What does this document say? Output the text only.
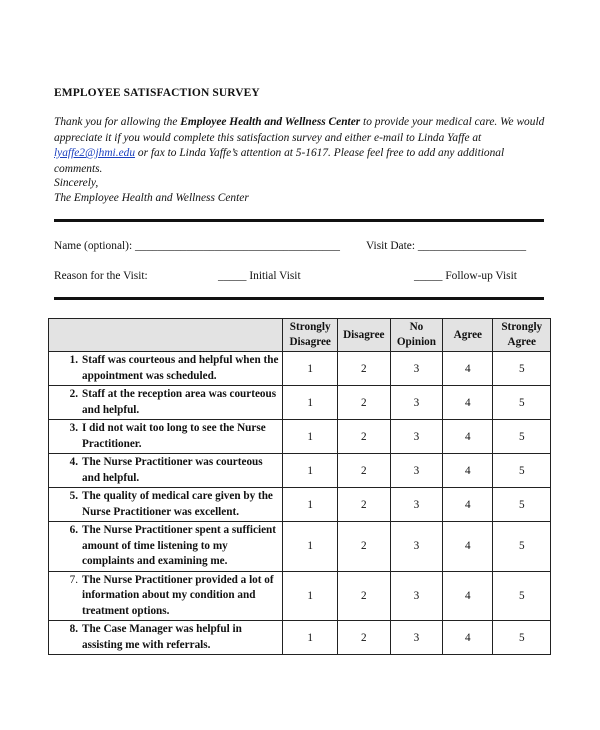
EMPLOYEE SATISFACTION SURVEY
Thank you for allowing the Employee Health and Wellness Center to provide your medical care. We would appreciate it if you would complete this satisfaction survey and either e-mail to Linda Yaffe at lyaffe2@jhmi.edu or fax to Linda Yaffe’s attention at 5-1617. Please feel free to add any additional comments.
Sincerely,
The Employee Health and Wellness Center
Name (optional): ____________________________________ Visit Date: ___________________
Reason for the Visit:	_____ Initial Visit	_____ Follow-up Visit
	Strongly Disagree	Disagree	No Opinion	Agree	Strongly Agree

1. Staff was courteous and helpful when the appointment was scheduled.	1	2	3	4	5

2. Staff at the reception area was courteous and helpful.	1	2	3	4	5

3. I did not wait too long to see the Nurse Practitioner.	1	2	3	4	5

4. The Nurse Practitioner was courteous and helpful.	1	2	3	4	5

5. The quality of medical care given by the Nurse Practitioner was excellent.	1	2	3	4	5

6. The Nurse Practitioner spent a sufficient amount of time listening to my complaints and examining me.	1	2	3	4	5

7. The Nurse Practitioner provided a lot of information about my condition and treatment options.	1	2	3	4	5

8. The Case Manager was helpful in assisting me with referrals.	1	2	3	4	5
